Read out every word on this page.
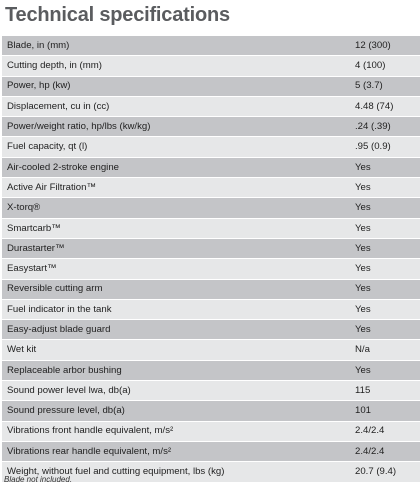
Technical specifications
Blade, in (mm)	12 (300)
Cutting depth, in (mm)	4 (100)
Power, hp (kw)	5 (3.7)
Displacement, cu in (cc)	4.48 (74)
Power/weight ratio, hp/lbs (kw/kg)	.24 (.39)
Fuel capacity, qt (l)	.95 (0.9)
Air-cooled 2-stroke engine	Yes
Active Air Filtration™	Yes
X-torq®	Yes
Smartcarb™	Yes
Durastarter™	Yes
Easystart™	Yes
Reversible cutting arm	Yes
Fuel indicator in the tank	Yes
Easy-adjust blade guard	Yes
Wet kit	N/a
Replaceable arbor bushing	Yes
Sound power level lwa, db(a)	115
Sound pressure level, db(a)	101
Vibrations front handle equivalent, m/s²	2.4/2.4
Vibrations rear handle equivalent, m/s²	2.4/2.4
Weight, without fuel and cutting equipment, lbs (kg)	20.7 (9.4)
Blade not included.
